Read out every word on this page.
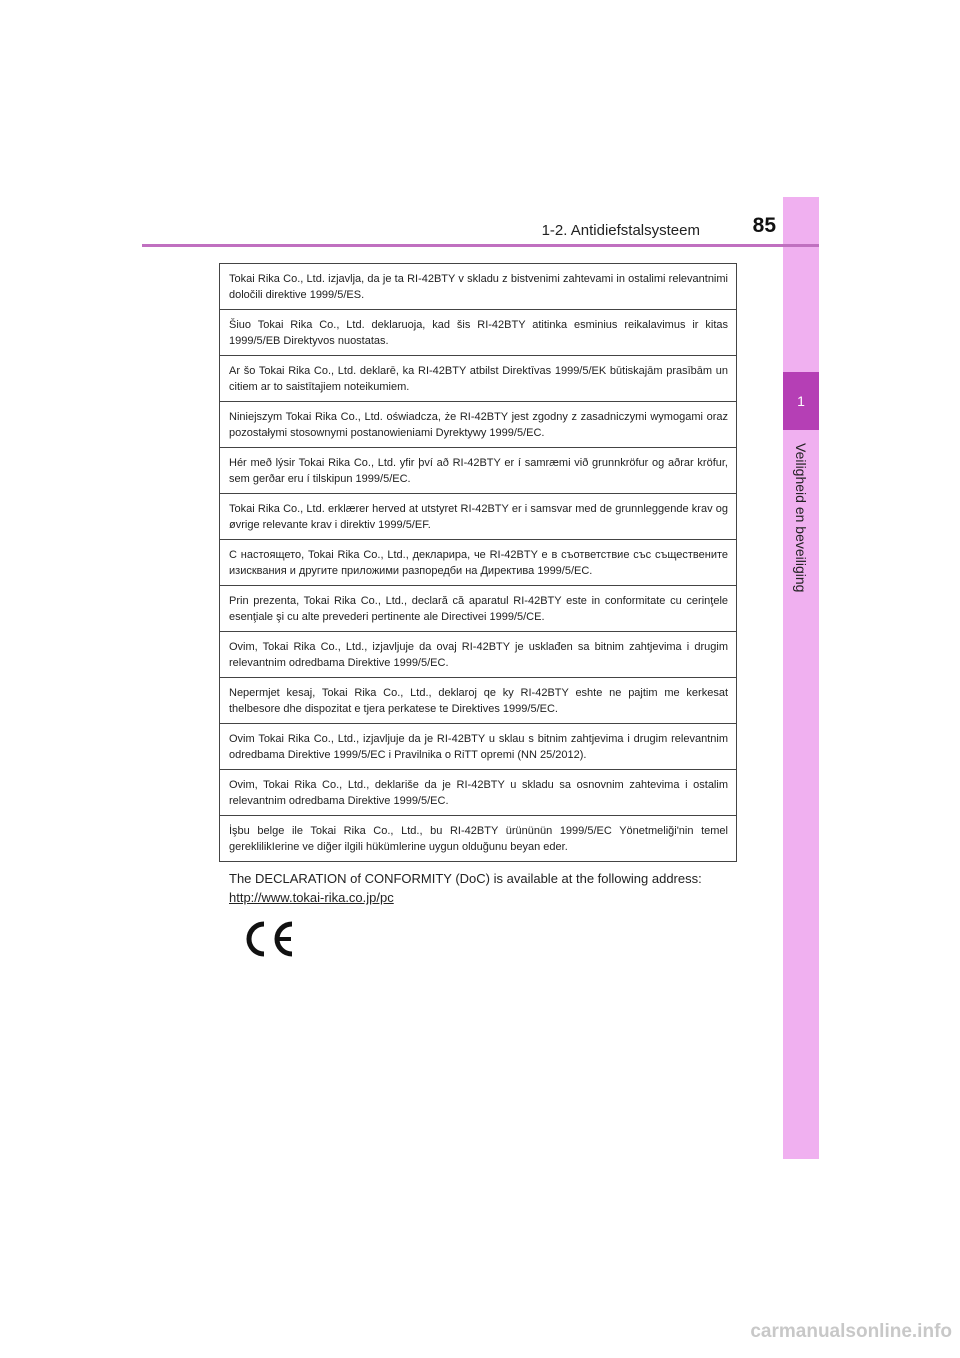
1
Veiligheid en beveiliging
1-2. Antidiefstalsysteem	85
Tokai Rika Co., Ltd. izjavlja, da je ta RI-42BTY v skladu z bistvenimi zahtevami in ostalimi relevantnimi določili direktive 1999/5/ES.
Šiuo Tokai Rika Co., Ltd. deklaruoja, kad šis RI-42BTY atitinka esminius reikalavimus ir kitas 1999/5/EB Direktyvos nuostatas.
Ar šo Tokai Rika Co., Ltd. deklarē, ka RI-42BTY atbilst Direktīvas 1999/5/EK būtiskajām prasībām un citiem ar to saistītajiem noteikumiem.
Niniejszym Tokai Rika Co., Ltd. oświadcza, że RI-42BTY jest zgodny z zasadniczymi wymogami oraz pozostałymi stosownymi postanowieniami Dyrektywy 1999/5/EC.
Hér með lýsir Tokai Rika Co., Ltd. yfir því að RI-42BTY er í samræmi við grunnkröfur og aðrar kröfur, sem gerðar eru í tilskipun 1999/5/EC.
Tokai Rika Co., Ltd. erklærer herved at utstyret RI-42BTY er i samsvar med de grunnleggende krav og øvrige relevante krav i direktiv 1999/5/EF.
С настоящето, Tokai Rika Co., Ltd., декларира, че RI-42BTY е в съответствие със съществените изисквания и другите приложими разпоредби на Директива 1999/5/EC.
Prin prezenta, Tokai Rika Co., Ltd., declară că aparatul RI-42BTY este in conformitate cu cerinţele esenţiale şi cu alte prevederi pertinente ale Directivei 1999/5/CE.
Ovim, Tokai Rika Co., Ltd., izjavljuje da ovaj RI-42BTY je usklađen sa bitnim zahtjevima i drugim relevantnim odredbama Direktive 1999/5/EC.
Nepermjet kesaj, Tokai Rika Co., Ltd., deklaroj qe ky RI-42BTY eshte ne pajtim me kerkesat thelbesore dhe dispozitat e tjera perkatese te Direktives 1999/5/EC.
Ovim Tokai Rika Co., Ltd., izjavljuje da je RI-42BTY u sklau s bitnim zahtjevima i drugim relevantnim odredbama Direktive 1999/5/EC i Pravilnika o RiTT opremi (NN 25/2012).
Ovim, Tokai Rika Co., Ltd., deklariše da je RI-42BTY u skladu sa osnovnim zahtevima i ostalim relevantnim odredbama Direktive 1999/5/EC.
İşbu belge ile Tokai Rika Co., Ltd., bu RI-42BTY ürününün 1999/5/EC Yönetmeliği'nin temel gereklilikIerine ve diğer ilgili hükümlerine uygun olduğunu beyan eder.
The DECLARATION of CONFORMITY (DoC) is available at the following address:
http://www.tokai-rika.co.jp/pc
carmanualsonline.info
